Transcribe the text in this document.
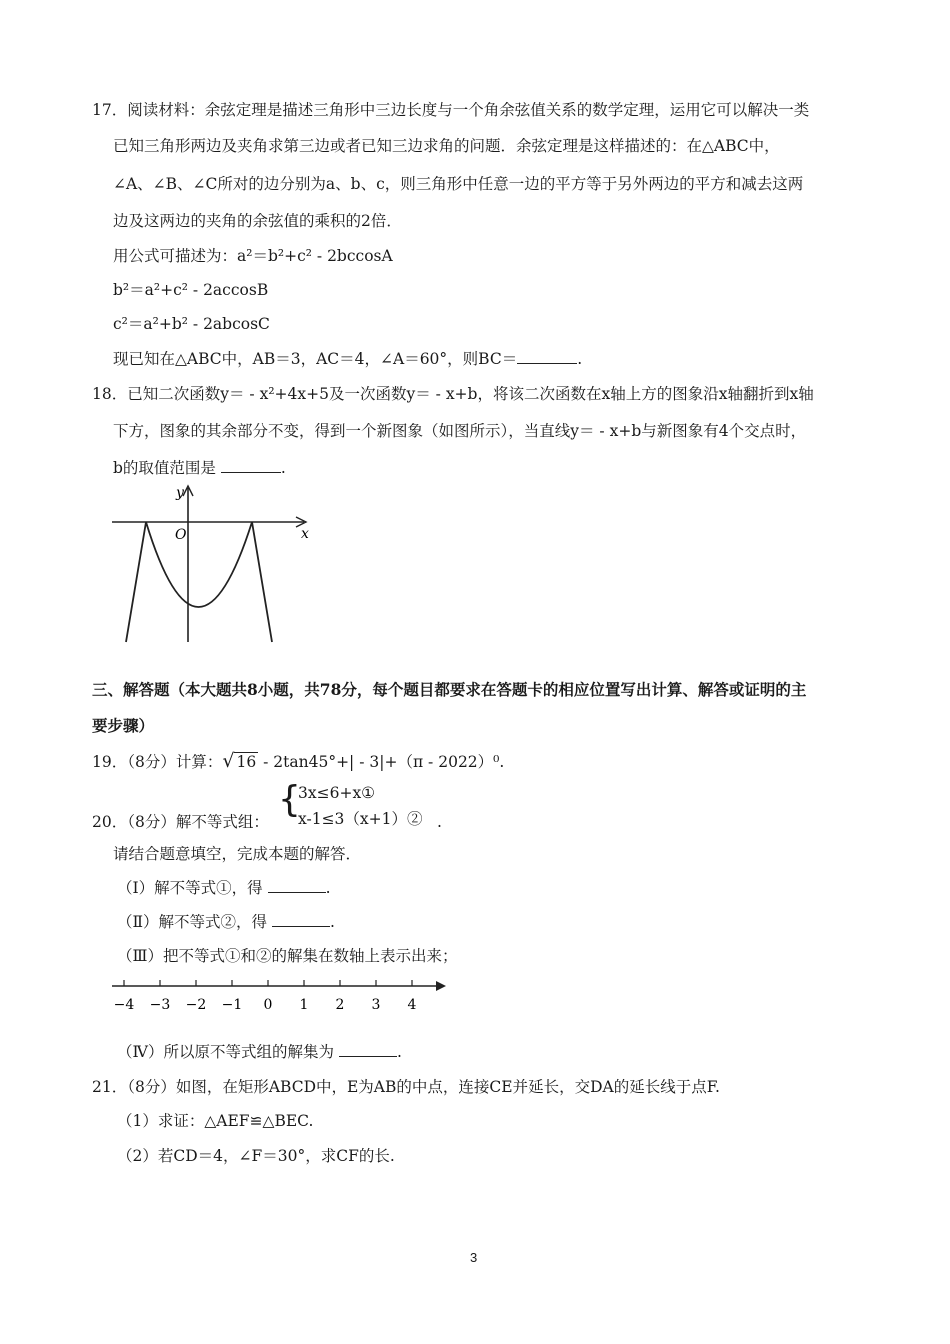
17．阅读材料：余弦定理是描述三角形中三边长度与一个角余弦值关系的数学定理，运用它可以解决一类
已知三角形两边及夹角求第三边或者已知三边求角的问题．余弦定理是这样描述的：在△ABC中，
∠A、∠B、∠C所对的边分别为a、b、c，则三角形中任意一边的平方等于另外两边的平方和减去这两
边及这两边的夹角的余弦值的乘积的2倍．
用公式可描述为：a²＝b²+c² - 2bccosA
b²＝a²+c² - 2accosB
c²＝a²+b² - 2abcosC
现已知在△ABC中，AB＝3，AC＝4，∠A＝60°，则BC＝	.
18．已知二次函数y＝ - x²+4x+5及一次函数y＝ - x+b，将该二次函数在x轴上方的图象沿x轴翻折到x轴
下方，图象的其余部分不变，得到一个新图象（如图所示），当直线y＝ - x+b与新图象有4个交点时，
b的取值范围是	.
y
x
O
三、解答题（本大题共8小题，共78分，每个题目都要求在答题卡的相应位置写出计算、解答或证明的主
要步骤）
19．（8分）计算：√ 16 - 2tan45°+| - 3|+（π - 2022）⁰.
20．（8分）解不等式组：
{
3x≤6+x①
x-1≤3（x+1）② .
请结合题意填空，完成本题的解答．
（Ⅰ）解不等式①，得	.
（Ⅱ）解不等式②，得	.
（Ⅲ）把不等式①和②的解集在数轴上表示出来；
−4 −3 −2 −1 0 1 2 3 4
（Ⅳ）所以原不等式组的解集为	.
21．（8分）如图，在矩形ABCD中，E为AB的中点，连接CE并延长，交DA的延长线于点F.
（1）求证：△AEF≌△BEC.
（2）若CD＝4，∠F＝30°，求CF的长.
3
